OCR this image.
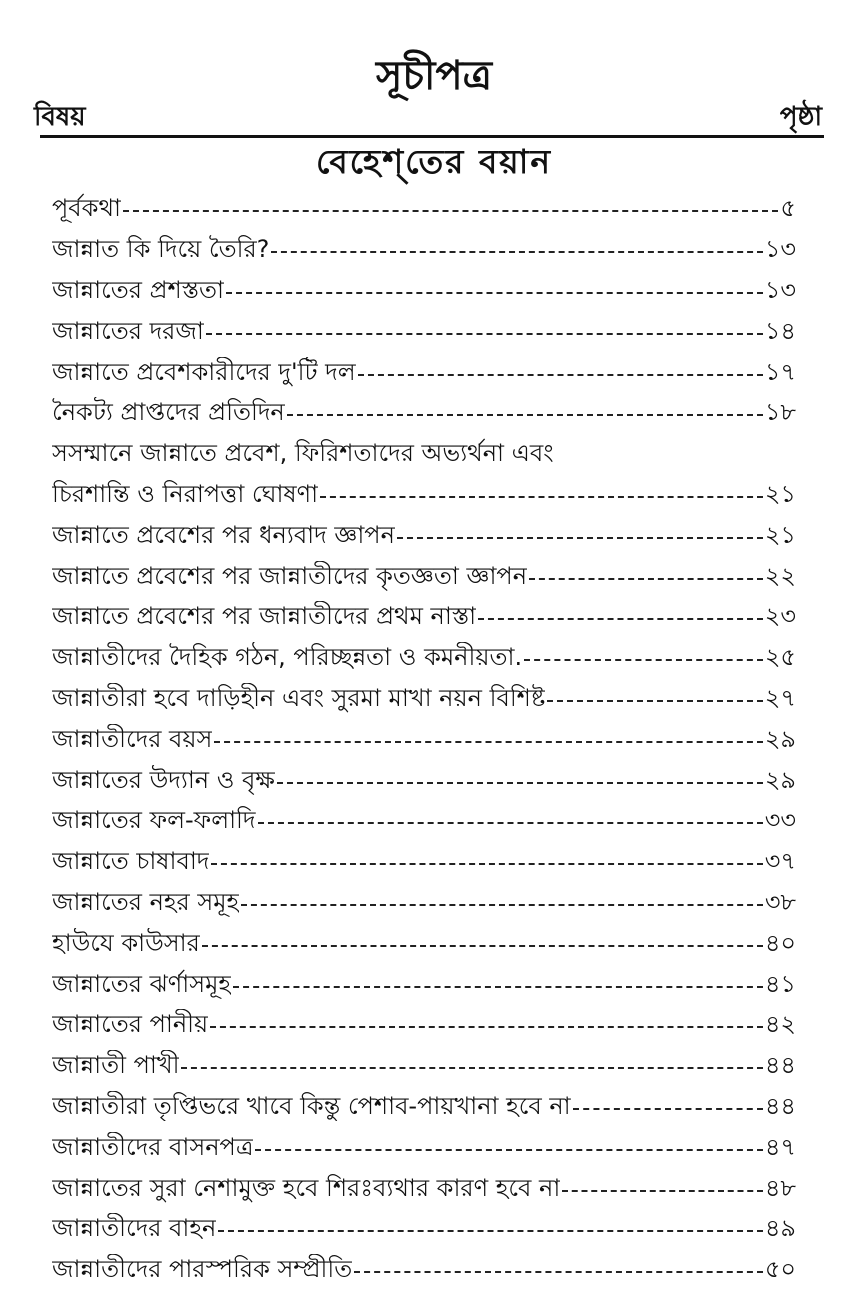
সূচীপত্র
বিষয়	পৃষ্ঠা
বেহেশ্‌তের বয়ান
পূর্বকথা	৫
জান্নাত কি দিয়ে তৈরি?	১৩
জান্নাতের প্রশস্ততা	১৩
জান্নাতের দরজা	১৪
জান্নাতে প্রবেশকারীদের দু'টি দল	১৭
নৈকট্য প্রাপ্তদের প্রতিদিন	১৮
সসম্মানে জান্নাতে প্রবেশ, ফিরিশতাদের অভ্যর্থনা এবং
চিরশান্তি ও নিরাপত্তা ঘোষণা	২১
জান্নাতে প্রবেশের পর ধন্যবাদ জ্ঞাপন	২১
জান্নাতে প্রবেশের পর জান্নাতীদের কৃতজ্ঞতা জ্ঞাপন	২২
জান্নাতে প্রবেশের পর জান্নাতীদের প্রথম নাস্তা	২৩
জান্নাতীদের দৈহিক গঠন, পরিচ্ছন্নতা ও কমনীয়তা.	২৫
জান্নাতীরা হবে দাড়িহীন এবং সুরমা মাখা নয়ন বিশিষ্ট	২৭
জান্নাতীদের বয়স	২৯
জান্নাতের উদ্যান ও বৃক্ষ	২৯
জান্নাতের ফল-ফলাদি	৩৩
জান্নাতে চাষাবাদ	৩৭
জান্নাতের নহর সমূহ	৩৮
হাউযে কাউসার	৪০
জান্নাতের ঝর্ণাসমূহ	৪১
জান্নাতের পানীয়	৪২
জান্নাতী পাখী	৪৪
জান্নাতীরা তৃপ্তিভরে খাবে কিন্তু পেশাব-পায়খানা হবে না	৪৪
জান্নাতীদের বাসনপত্র	৪৭
জান্নাতের সুরা নেশামুক্ত হবে শিরঃব্যথার কারণ হবে না	৪৮
জান্নাতীদের বাহন	৪৯
জান্নাতীদের পারস্পরিক সম্প্রীতি	৫০
